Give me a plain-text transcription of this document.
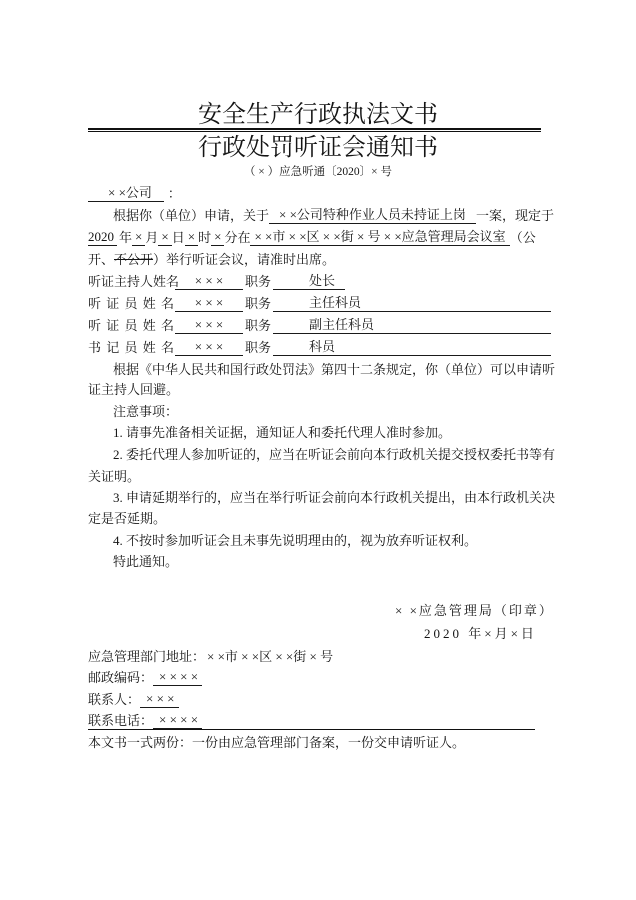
安全生产行政执法文书
行政处罚听证会通知书
（ × ）应急听通〔2020〕× 号
× ×公司	：
根据你（单位）申请，关于 × ×公司特种作业人员未持证上岗 一案，现定于
2020 年 × 月 × 日 × 时 × 分在 × ×市 × ×区 × ×街 × 号 × ×应急管理局会议室 （公
开、 不公开 ）举行听证会议，请准时出席。
听证主持人姓名	× × ×	职务	处长
听 证 员 姓 名	× × ×	职务	主任科员
听 证 员 姓 名	× × ×	职务	副主任科员
书 记 员 姓 名	× × ×	职务	科员
根据《中华人民共和国行政处罚法》第四十二条规定，你（单位）可以申请听
证主持人回避。
注意事项：
1. 请事先准备相关证据，通知证人和委托代理人准时参加。
2. 委托代理人参加听证的，应当在听证会前向本行政机关提交授权委托书等有
关证明。
3. 申请延期举行的，应当在举行听证会前向本行政机关提出，由本行政机关决
定是否延期。
4. 不按时参加听证会且未事先说明理由的，视为放弃听证权利。
特此通知。
× ×应急管理局（印章）
2020 年×月×日
应急管理部门地址： × ×市 × ×区 × ×街 × 号
邮政编码： × × × ×
联系人： × × ×
联系电话： × × × ×
本文书一式两份：一份由应急管理部门备案，一份交申请听证人。
